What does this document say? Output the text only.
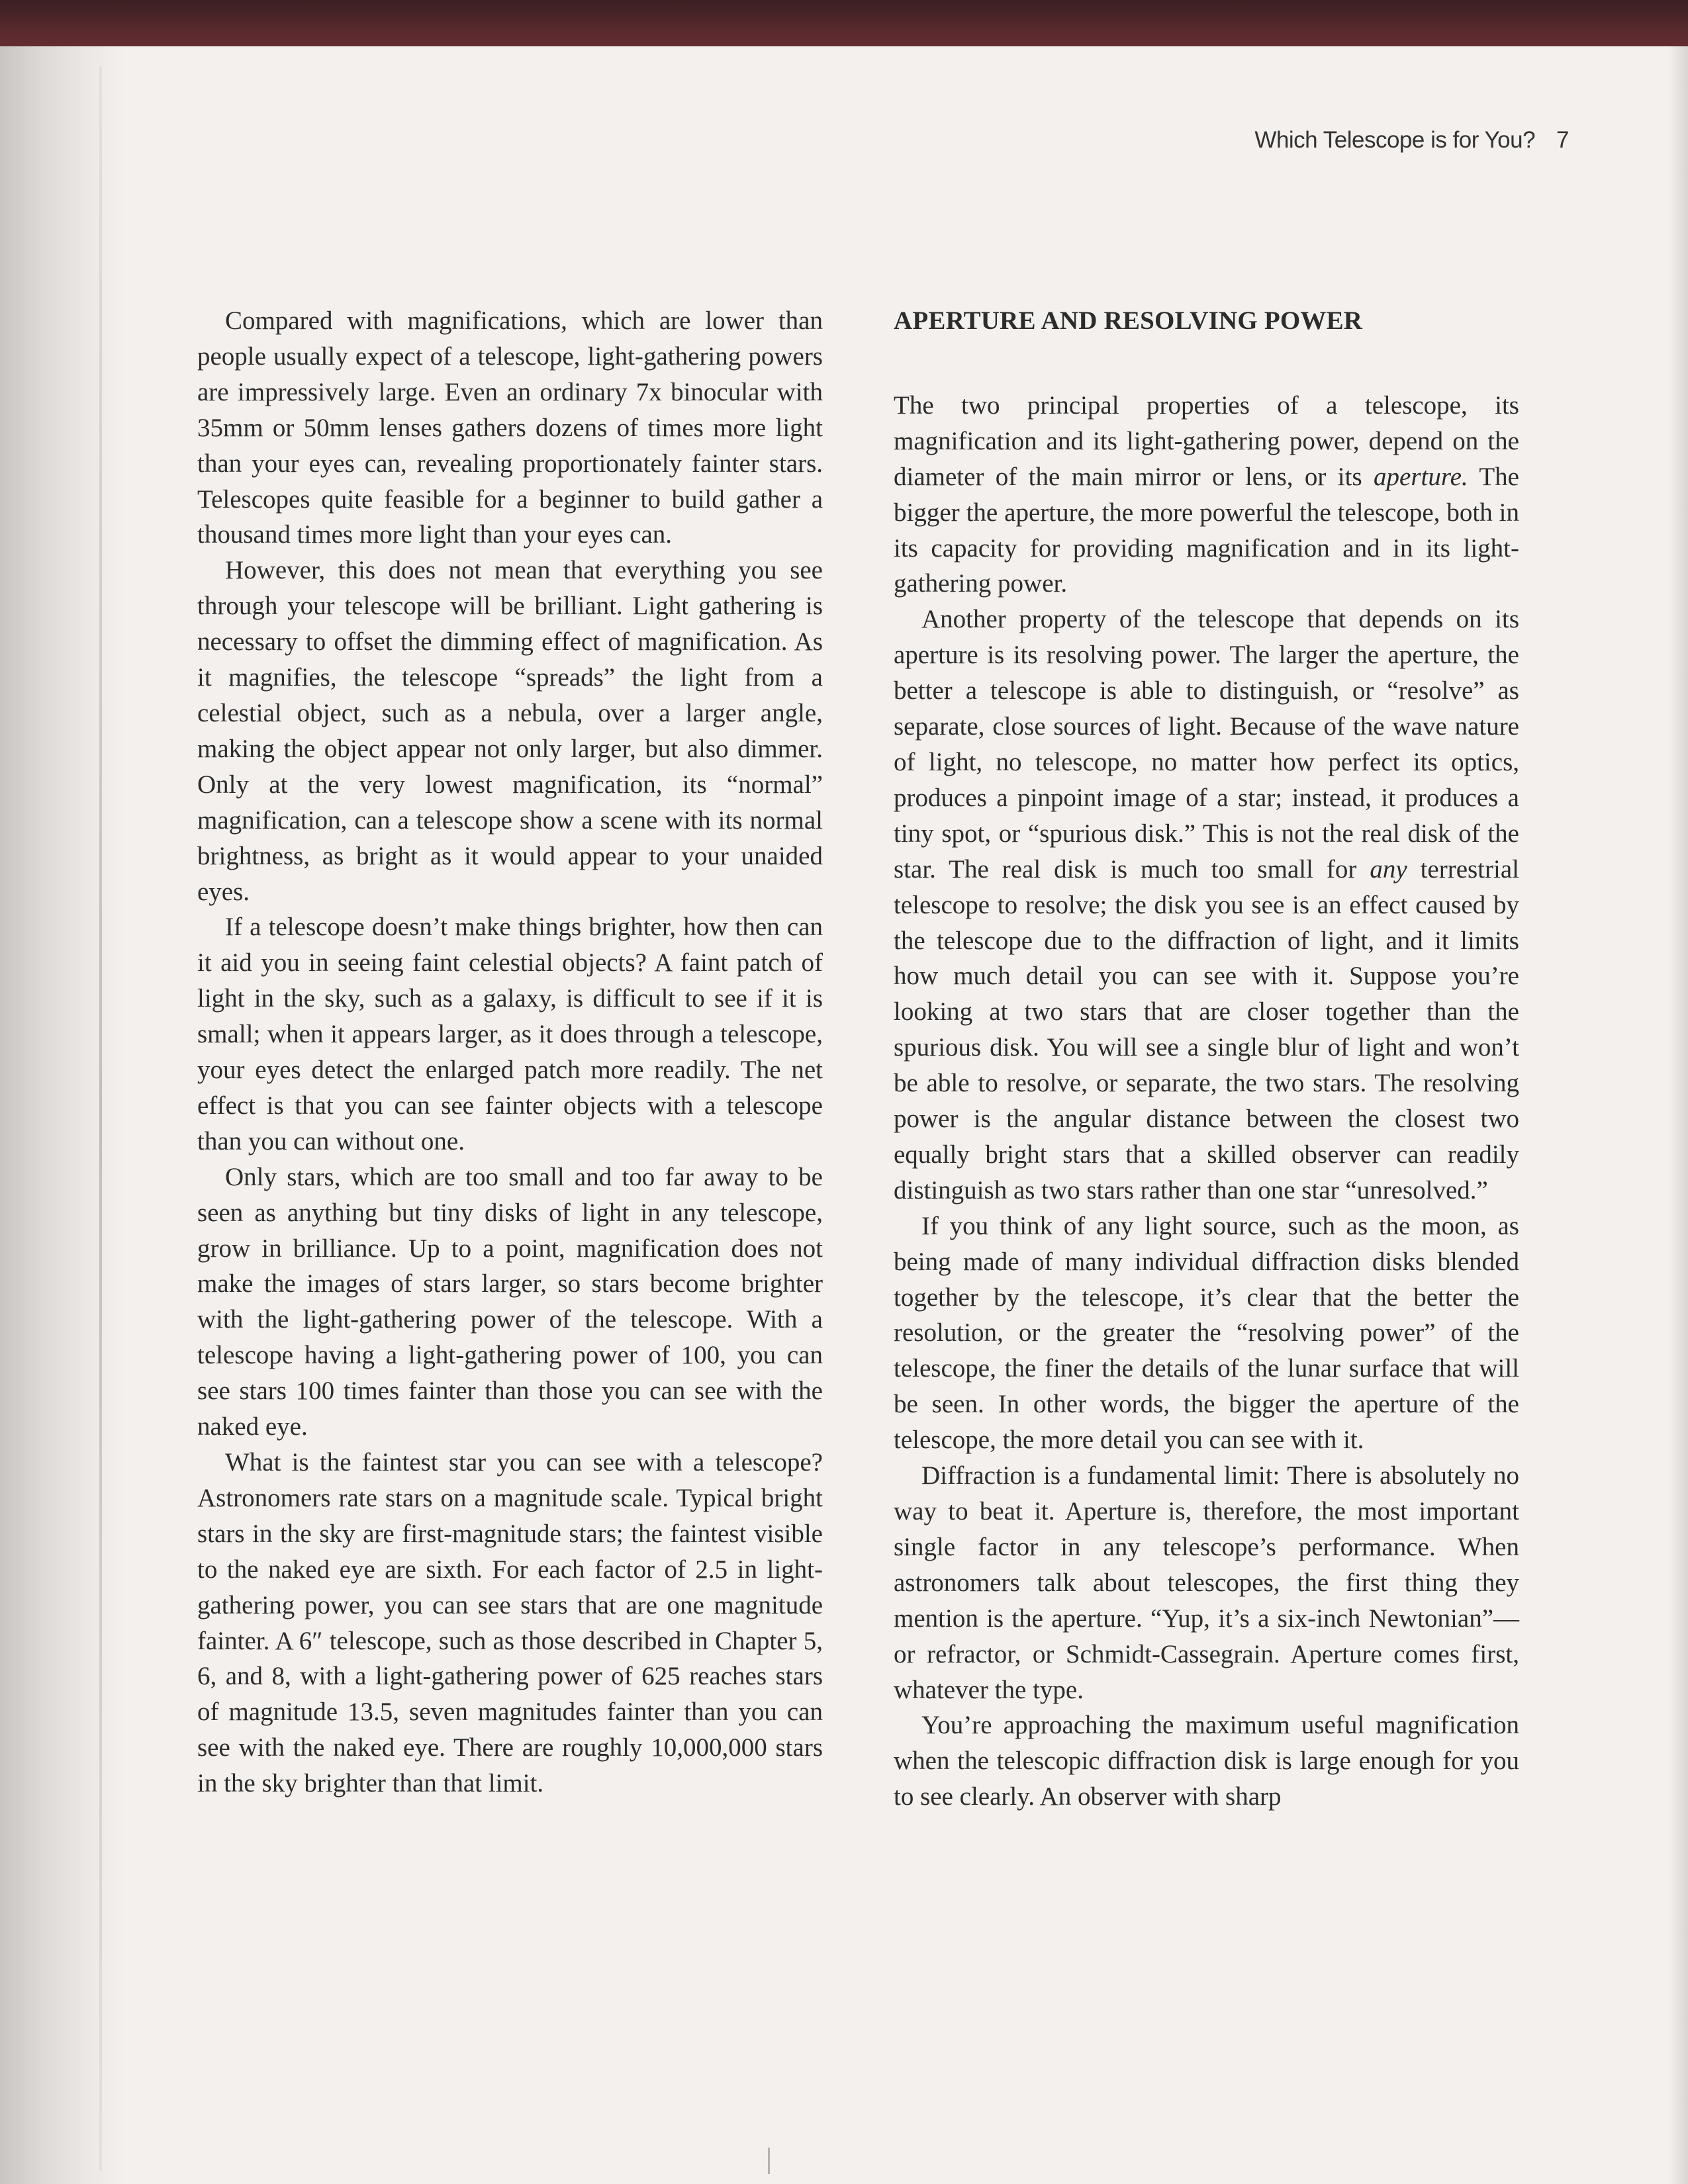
Which Telescope is for You? 7

Compared with magnifications, which are lower than people usually expect of a telescope, light-gathering powers are impressively large. Even an ordinary 7x binocular with 35mm or 50mm lenses gathers dozens of times more light than your eyes can, revealing proportionately fainter stars. Telescopes quite feasible for a beginner to build gather a thousand times more light than your eyes can.

However, this does not mean that everything you see through your telescope will be brilliant. Light gathering is necessary to offset the dimming effect of magnification. As it magnifies, the telescope “spreads” the light from a celestial object, such as a nebula, over a larger angle, making the object appear not only larger, but also dimmer. Only at the very lowest magnification, its “normal” magnification, can a telescope show a scene with its normal brightness, as bright as it would appear to your unaided eyes.

If a telescope doesn’t make things brighter, how then can it aid you in seeing faint celestial objects? A faint patch of light in the sky, such as a galaxy, is difficult to see if it is small; when it appears larger, as it does through a telescope, your eyes detect the enlarged patch more readily. The net effect is that you can see fainter objects with a telescope than you can without one.

Only stars, which are too small and too far away to be seen as anything but tiny disks of light in any telescope, grow in brilliance. Up to a point, magnification does not make the images of stars larger, so stars become brighter with the light-gathering power of the telescope. With a telescope having a light-gathering power of 100, you can see stars 100 times fainter than those you can see with the naked eye.

What is the faintest star you can see with a telescope? Astronomers rate stars on a magnitude scale. Typical bright stars in the sky are first-magnitude stars; the faintest visible to the naked eye are sixth. For each factor of 2.5 in light-gathering power, you can see stars that are one magnitude fainter. A 6″ telescope, such as those described in Chapter 5, 6, and 8, with a light-gathering power of 625 reaches stars of magnitude 13.5, seven magnitudes fainter than you can see with the naked eye. There are roughly 10,000,000 stars in the sky brighter than that limit.

APERTURE AND RESOLVING POWER

The two principal properties of a telescope, its magnification and its light-gathering power, depend on the diameter of the main mirror or lens, or its aperture. The bigger the aperture, the more powerful the telescope, both in its capacity for providing magnification and in its light-gathering power.

Another property of the telescope that depends on its aperture is its resolving power. The larger the aperture, the better a telescope is able to distinguish, or “resolve” as separate, close sources of light. Because of the wave nature of light, no telescope, no matter how perfect its optics, produces a pinpoint image of a star; instead, it produces a tiny spot, or “spurious disk.” This is not the real disk of the star. The real disk is much too small for any terrestrial telescope to resolve; the disk you see is an effect caused by the telescope due to the diffraction of light, and it limits how much detail you can see with it. Suppose you’re looking at two stars that are closer together than the spurious disk. You will see a single blur of light and won’t be able to resolve, or separate, the two stars. The resolving power is the angular distance between the closest two equally bright stars that a skilled observer can readily distinguish as two stars rather than one star “unresolved.”

If you think of any light source, such as the moon, as being made of many individual diffraction disks blended together by the telescope, it’s clear that the better the resolution, or the greater the “resolving power” of the telescope, the finer the details of the lunar surface that will be seen. In other words, the bigger the aperture of the telescope, the more detail you can see with it.

Diffraction is a fundamental limit: There is absolutely no way to beat it. Aperture is, therefore, the most important single factor in any telescope’s performance. When astronomers talk about telescopes, the first thing they mention is the aperture. “Yup, it’s a six-inch Newtonian”—or refractor, or Schmidt-Cassegrain. Aperture comes first, whatever the type.

You’re approaching the maximum useful magnification when the telescopic diffraction disk is large enough for you to see clearly. An observer with sharp
